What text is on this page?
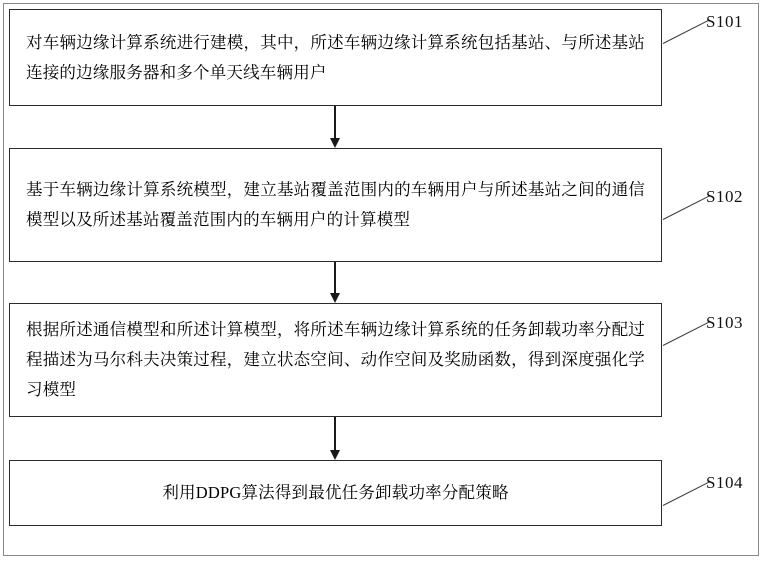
对车辆边缘计算系统进行建模，其中，所述车辆边缘计算系统包括基站、与所述基站连接的边缘服务器和多个单天线车辆用户
S101
基于车辆边缘计算系统模型，建立基站覆盖范围内的车辆用户与所述基站之间的通信模型以及所述基站覆盖范围内的车辆用户的计算模型
S102
根据所述通信模型和所述计算模型，将所述车辆边缘计算系统的任务卸载功率分配过程描述为马尔科夫决策过程，建立状态空间、动作空间及奖励函数，得到深度强化学习模型
S103
利用DDPG算法得到最优任务卸载功率分配策略
S104
